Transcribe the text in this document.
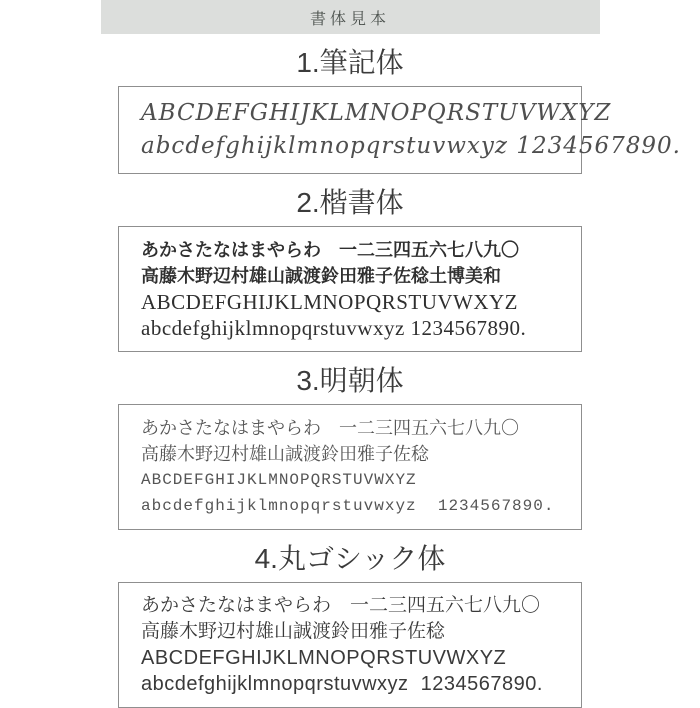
書体見本
1.筆記体
ABCDEFGHIJKLMNOPQRSTUVWXYZ
abcdefghijklmnopqrstuvwxyz 1234567890.
2.楷書体
あかさたなはまやらわ　一二三四五六七八九〇
高藤木野辺村雄山誠渡鈴田雅子佐稔土博美和
ABCDEFGHIJKLMNOPQRSTUVWXYZ
abcdefghijklmnopqrstuvwxyz 1234567890.
3.明朝体
あかさたなはまやらわ　一二三四五六七八九〇
高藤木野辺村雄山誠渡鈴田雅子佐稔
ABCDEFGHIJKLMNOPQRSTUVWXYZ
abcdefghijklmnopqrstuvwxyz  1234567890.
4.丸ゴシック体
あかさたなはまやらわ　一二三四五六七八九〇
高藤木野辺村雄山誠渡鈴田雅子佐稔
ABCDEFGHIJKLMNOPQRSTUVWXYZ
abcdefghijklmnopqrstuvwxyz  1234567890.
